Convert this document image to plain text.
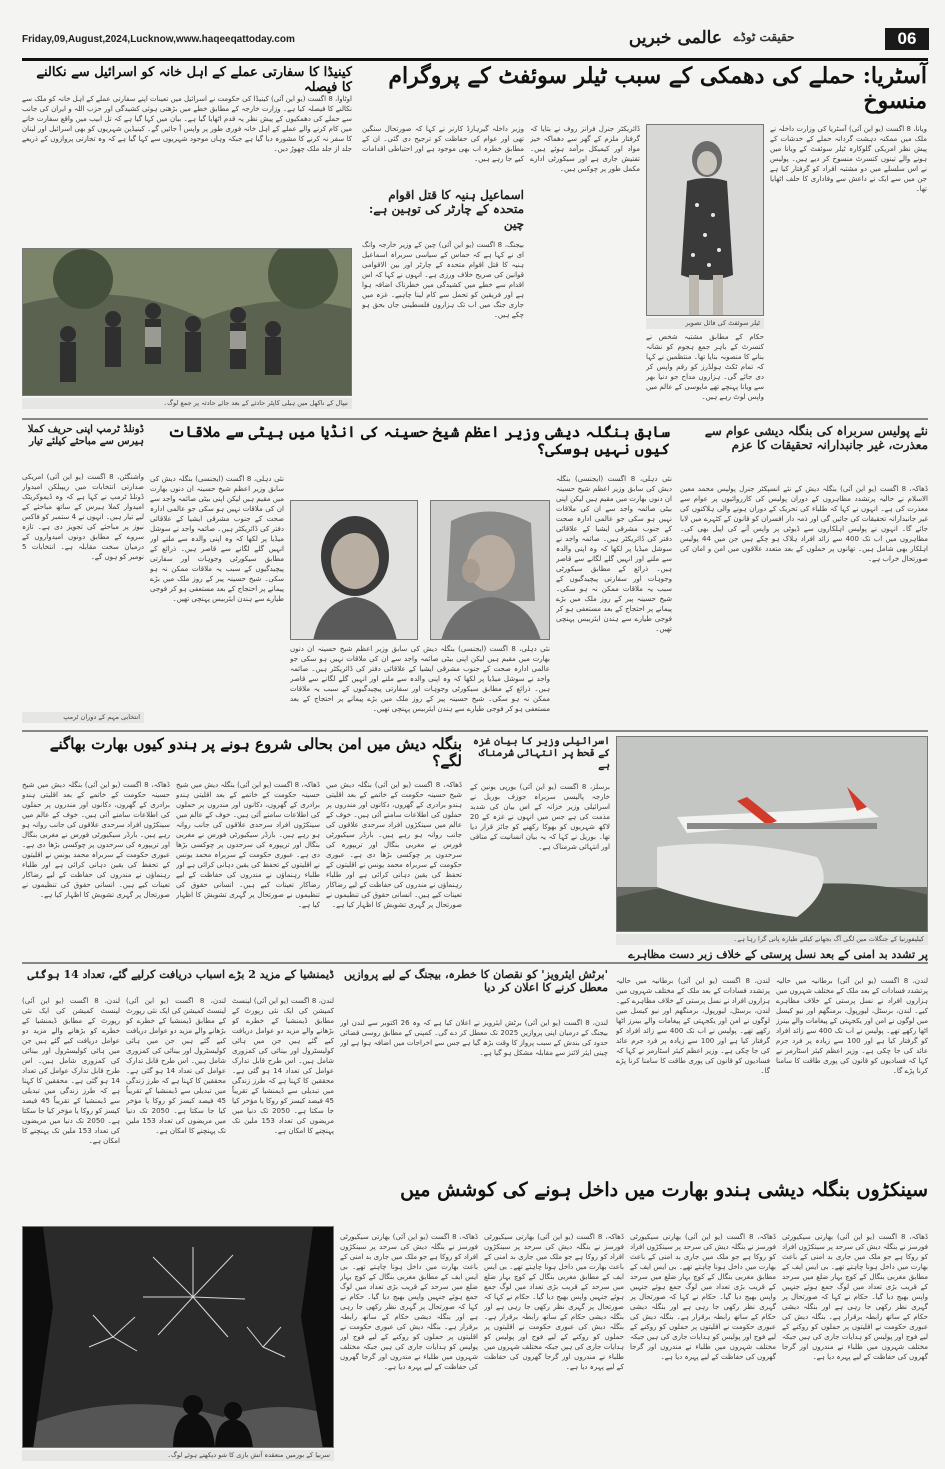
Friday,09,August,2024,Lucknow,www.haqeeqattoday.com	عالمی خبریں حقیقت ٹوڈے	06
کینیڈا کا سفارتی عملے کے اہل خانہ کو اسرائیل سے نکالنے کا فیصلہ
اوٹاوا، 8 اگست (یو این آئی) کینیڈا کی حکومت نے اسرائیل میں تعینات اپنے سفارتی عملے کے اہل خانہ کو ملک سے نکالنے کا فیصلہ کیا ہے۔ وزارت خارجہ کے مطابق خطے میں بڑھتی ہوئی کشیدگی اور حزب اللہ و ایران کی جانب سے حملے کی دھمکیوں کے پیش نظر یہ قدم اٹھایا گیا ہے۔ بیان میں کہا گیا ہے کہ تل ابیب میں واقع سفارت خانے میں کام کرنے والے عملے کے اہل خانہ فوری طور پر واپس آ جائیں گے۔ کینیڈین شہریوں کو بھی اسرائیل اور لبنان کا سفر نہ کرنے کا مشورہ دیا گیا ہے جبکہ وہاں موجود شہریوں سے کہا گیا ہے کہ وہ تجارتی پروازوں کے ذریعے جلد از جلد ملک چھوڑ دیں۔
نیپال کے ناکھل میں ہیلی کاپٹر حادثے کے بعد جائے حادثہ پر جمع لوگ۔
آسٹریا: حملے کی دھمکی کے سبب ٹیلر سوئفٹ کے پروگرام منسوخ
ویانا، 8 اگست (یو این آئی) آسٹریا کی وزارت داخلہ نے ملک میں ممکنہ دہشت گردانہ حملے کے خدشات کے پیش نظر امریکی گلوکارہ ٹیلر سوئفٹ کے ویانا میں ہونے والے تینوں کنسرٹ منسوخ کر دیے ہیں۔ پولیس نے اس سلسلے میں دو مشتبہ افراد کو گرفتار کیا ہے جن میں سے ایک نے داعش سے وفاداری کا حلف اٹھایا تھا۔
ٹیلر سوئفٹ کی فائل تصویر
حکام کے مطابق مشتبہ شخص نے کنسرٹ کے باہر جمع ہجوم کو نشانہ بنانے کا منصوبہ بنایا تھا۔ منتظمین نے کہا کہ تمام ٹکٹ ہولڈرز کو رقم واپس کر دی جائے گی۔ ہزاروں مداح جو دنیا بھر سے ویانا پہنچے تھے مایوسی کے عالم میں واپس لوٹ رہے ہیں۔
ڈائریکٹر جنرل فرانز روف نے بتایا کہ گرفتار ملزم کے گھر سے دھماکہ خیز مواد اور کیمیکل برآمد ہوئے ہیں۔ تفتیش جاری ہے اور سیکورٹی ادارے مکمل طور پر چوکس ہیں۔
وزیر داخلہ گیرہارڈ کارنر نے کہا کہ صورتحال سنگین تھی اور عوام کی حفاظت کو ترجیح دی گئی۔ ان کے مطابق خطرہ اب بھی موجود ہے اور احتیاطی اقدامات کیے جا رہے ہیں۔
اسماعیل ہنیہ کا قتل اقوام متحدہ کے چارٹر کی توہین ہے: چین
بیجنگ، 8 اگست (یو این آئی) چین کے وزیر خارجہ وانگ ای نے کہا ہے کہ حماس کے سیاسی سربراہ اسماعیل ہنیہ کا قتل اقوام متحدہ کے چارٹر اور بین الاقوامی قوانین کی صریح خلاف ورزی ہے۔ انہوں نے کہا کہ اس اقدام سے خطے میں کشیدگی میں خطرناک اضافہ ہوا ہے اور فریقین کو تحمل سے کام لینا چاہیے۔ غزہ میں جاری جنگ میں اب تک ہزاروں فلسطینی جاں بحق ہو چکے ہیں۔
سابق بنگلہ دیشی وزیر اعظم شیخ حسینہ کی انڈیا میں بیٹی سے ملاقات کیوں نہیں ہوسکی؟
نئی دہلی، 8 اگست (ایجنسی) بنگلہ دیش کی سابق وزیر اعظم شیخ حسینہ ان دنوں بھارت میں مقیم ہیں لیکن اپنی بیٹی صائمہ واجد سے ان کی ملاقات نہیں ہو سکی جو عالمی ادارہ صحت کے جنوب مشرقی ایشیا کے علاقائی دفتر کی ڈائریکٹر ہیں۔ صائمہ واجد نے سوشل میڈیا پر لکھا کہ وہ اپنی والدہ سے ملنے اور انہیں گلے لگانے سے قاصر ہیں۔ ذرائع کے مطابق سیکورٹی وجوہات اور سفارتی پیچیدگیوں کے سبب یہ ملاقات ممکن نہ ہو سکی۔ شیخ حسینہ پیر کے روز ملک میں بڑے پیمانے پر احتجاج کے بعد مستعفی ہو کر فوجی طیارے سے ہندن ایئربیس پہنچی تھیں۔
نئی دہلی، 8 اگست (ایجنسی) بنگلہ دیش کی سابق وزیر اعظم شیخ حسینہ ان دنوں بھارت میں مقیم ہیں لیکن اپنی بیٹی صائمہ واجد سے ان کی ملاقات نہیں ہو سکی جو عالمی ادارہ صحت کے جنوب مشرقی ایشیا کے علاقائی دفتر کی ڈائریکٹر ہیں۔ صائمہ واجد نے سوشل میڈیا پر لکھا کہ وہ اپنی والدہ سے ملنے اور انہیں گلے لگانے سے قاصر ہیں۔ ذرائع کے مطابق سیکورٹی وجوہات اور سفارتی پیچیدگیوں کے سبب یہ ملاقات ممکن نہ ہو سکی۔ شیخ حسینہ پیر کے روز ملک میں بڑے پیمانے پر احتجاج کے بعد مستعفی ہو کر فوجی طیارے سے ہندن ایئربیس پہنچی تھیں۔
نئی دہلی، 8 اگست (ایجنسی) بنگلہ دیش کی سابق وزیر اعظم شیخ حسینہ ان دنوں بھارت میں مقیم ہیں لیکن اپنی بیٹی صائمہ واجد سے ان کی ملاقات نہیں ہو سکی جو عالمی ادارہ صحت کے جنوب مشرقی ایشیا کے علاقائی دفتر کی ڈائریکٹر ہیں۔ صائمہ واجد نے سوشل میڈیا پر لکھا کہ وہ اپنی والدہ سے ملنے اور انہیں گلے لگانے سے قاصر ہیں۔ ذرائع کے مطابق سیکورٹی وجوہات اور سفارتی پیچیدگیوں کے سبب یہ ملاقات ممکن نہ ہو سکی۔ شیخ حسینہ پیر کے روز ملک میں بڑے پیمانے پر احتجاج کے بعد مستعفی ہو کر فوجی طیارے سے ہندن ایئربیس پہنچی تھیں۔
ڈونلڈ ٹرمپ اپنی حریف کملا ہیرس سے مباحثے کیلئے تیار
واشنگٹن، 8 اگست (یو این آئی) امریکی صدارتی انتخابات میں ریپبلکن امیدوار ڈونلڈ ٹرمپ نے کہا ہے کہ وہ ڈیموکریٹک امیدوار کملا ہیرس کے ساتھ مباحثے کے لیے تیار ہیں۔ انہوں نے 4 ستمبر کو فاکس نیوز پر مباحثے کی تجویز دی ہے۔ تازہ سروے کے مطابق دونوں امیدواروں کے درمیان سخت مقابلہ ہے۔ انتخابات 5 نومبر کو ہوں گے۔
انتخابی مہم کے دوران ٹرمپ
نئے پولیس سربراہ کی بنگلہ دیشی عوام سے معذرت، غیر جانبدارانہ تحقیقات کا عزم
ڈھاکہ، 8 اگست (یو این آئی) بنگلہ دیش کے نئے انسپکٹر جنرل پولیس محمد معین الاسلام نے حالیہ پرتشدد مظاہروں کے دوران پولیس کی کارروائیوں پر عوام سے معذرت کی ہے۔ انہوں نے کہا کہ طلباء کی تحریک کے دوران ہونے والی ہلاکتوں کی غیر جانبدارانہ تحقیقات کی جائیں گی اور ذمہ دار افسران کو قانون کے کٹہرے میں لایا جائے گا۔ انہوں نے پولیس اہلکاروں سے ڈیوٹی پر واپس آنے کی اپیل بھی کی۔ مظاہروں میں اب تک 400 سے زائد افراد ہلاک ہو چکے ہیں جن میں 44 پولیس اہلکار بھی شامل ہیں۔ تھانوں پر حملوں کے بعد متعدد علاقوں میں امن و امان کی صورتحال خراب ہے۔
بنگلہ دیش میں امن بحالی شروع ہونے پر ہندو کیوں بھارت بھاگنے لگے؟
ڈھاکہ، 8 اگست (یو این آئی) بنگلہ دیش میں شیخ حسینہ حکومت کے خاتمے کے بعد اقلیتی ہندو برادری کے گھروں، دکانوں اور مندروں پر حملوں کی اطلاعات سامنے آئی ہیں۔ خوف کے عالم میں سینکڑوں افراد سرحدی علاقوں کی جانب روانہ ہو رہے ہیں۔ بارڈر سیکیورٹی فورس نے مغربی بنگال اور تریپورہ کی سرحدوں پر چوکسی بڑھا دی ہے۔ عبوری حکومت کے سربراہ محمد یونس نے اقلیتوں کے تحفظ کی یقین دہانی کرائی ہے اور طلباء رہنماؤں نے مندروں کی حفاظت کے لیے رضاکار تعینات کیے ہیں۔ انسانی حقوق کی تنظیموں نے صورتحال پر گہری تشویش کا اظہار کیا ہے۔
ڈھاکہ، 8 اگست (یو این آئی) بنگلہ دیش میں شیخ حسینہ حکومت کے خاتمے کے بعد اقلیتی ہندو برادری کے گھروں، دکانوں اور مندروں پر حملوں کی اطلاعات سامنے آئی ہیں۔ خوف کے عالم میں سینکڑوں افراد سرحدی علاقوں کی جانب روانہ ہو رہے ہیں۔ بارڈر سیکیورٹی فورس نے مغربی بنگال اور تریپورہ کی سرحدوں پر چوکسی بڑھا دی ہے۔ عبوری حکومت کے سربراہ محمد یونس نے اقلیتوں کے تحفظ کی یقین دہانی کرائی ہے اور طلباء رہنماؤں نے مندروں کی حفاظت کے لیے رضاکار تعینات کیے ہیں۔ انسانی حقوق کی تنظیموں نے صورتحال پر گہری تشویش کا اظہار کیا ہے۔
ڈھاکہ، 8 اگست (یو این آئی) بنگلہ دیش میں شیخ حسینہ حکومت کے خاتمے کے بعد اقلیتی ہندو برادری کے گھروں، دکانوں اور مندروں پر حملوں کی اطلاعات سامنے آئی ہیں۔ خوف کے عالم میں سینکڑوں افراد سرحدی علاقوں کی جانب روانہ ہو رہے ہیں۔ بارڈر سیکیورٹی فورس نے مغربی بنگال اور تریپورہ کی سرحدوں پر چوکسی بڑھا دی ہے۔ عبوری حکومت کے سربراہ محمد یونس نے اقلیتوں کے تحفظ کی یقین دہانی کرائی ہے اور طلباء رہنماؤں نے مندروں کی حفاظت کے لیے رضاکار تعینات کیے ہیں۔ انسانی حقوق کی تنظیموں نے صورتحال پر گہری تشویش کا اظہار کیا ہے۔
اسرائیلی وزیر کا بیان غزہ کے قحط پر انتہائی شرمناک ہے
برسلز، 8 اگست (یو این آئی) یورپی یونین کے خارجہ پالیسی سربراہ جوزف بوریل نے اسرائیلی وزیر خزانہ کے اس بیان کی شدید مذمت کی ہے جس میں انہوں نے غزہ کے 20 لاکھ شہریوں کو بھوکا رکھنے کو جائز قرار دیا تھا۔ بوریل نے کہا کہ یہ بیان انسانیت کے منافی اور انتہائی شرمناک ہے۔
کیلیفورنیا کے جنگلات میں لگی آگ بجھانے کیلئے طیارہ پانی گرا رہا ہے۔
پر تشدد بد امنی کے بعد نسل پرستی کے خلاف زبر دست مظاہرے
لندن، 8 اگست (یو این آئی) برطانیہ میں حالیہ پرتشدد فسادات کے بعد ملک کے مختلف شہروں میں ہزاروں افراد نے نسل پرستی کے خلاف مظاہرے کیے۔ لندن، برسٹل، لیورپول، برمنگھم اور نیو کیسل میں لوگوں نے امن اور یکجہتی کے پیغامات والے بینرز اٹھا رکھے تھے۔ پولیس نے اب تک 400 سے زائد افراد کو گرفتار کیا ہے اور 100 سے زیادہ پر فرد جرم عائد کی جا چکی ہے۔ وزیر اعظم کیئر اسٹارمر نے کہا کہ فسادیوں کو قانون کی پوری طاقت کا سامنا کرنا پڑے گا۔
لندن، 8 اگست (یو این آئی) برطانیہ میں حالیہ پرتشدد فسادات کے بعد ملک کے مختلف شہروں میں ہزاروں افراد نے نسل پرستی کے خلاف مظاہرے کیے۔ لندن، برسٹل، لیورپول، برمنگھم اور نیو کیسل میں لوگوں نے امن اور یکجہتی کے پیغامات والے بینرز اٹھا رکھے تھے۔ پولیس نے اب تک 400 سے زائد افراد کو گرفتار کیا ہے اور 100 سے زیادہ پر فرد جرم عائد کی جا چکی ہے۔ وزیر اعظم کیئر اسٹارمر نے کہا کہ فسادیوں کو قانون کی پوری طاقت کا سامنا کرنا پڑے گا۔
'برٹش ایئرویز' کو نقصان کا خطرہ، بیجنگ کے لیے پروازیں معطل کرنے کا اعلان کر دیا
لندن، 8 اگست (یو این آئی) برٹش ایئرویز نے اعلان کیا ہے کہ وہ 26 اکتوبر سے لندن اور بیجنگ کے درمیان اپنی پروازیں 2025 تک معطل کر دے گی۔ کمپنی کے مطابق روسی فضائی حدود کی بندش کے سبب پرواز کا وقت بڑھ گیا ہے جس سے اخراجات میں اضافہ ہوا ہے اور چینی ایئر لائنز سے مقابلہ مشکل ہو گیا ہے۔
ڈیمنشیا کے مزید 2 بڑے اسباب دریافت کرلیے گئے، تعداد 14 ہوگئی
لندن، 8 اگست (یو این آئی) لینسٹ کمیشن کی ایک نئی رپورٹ کے مطابق ڈیمنشیا کے خطرے کو بڑھانے والے مزید دو عوامل دریافت کیے گئے ہیں جن میں ہائی کولیسٹرول اور بینائی کی کمزوری شامل ہیں۔ اس طرح قابل تدارک عوامل کی تعداد 14 ہو گئی ہے۔ محققین کا کہنا ہے کہ طرز زندگی میں تبدیلی سے ڈیمنشیا کے تقریباً 45 فیصد کیسز کو روکا یا مؤخر کیا جا سکتا ہے۔ 2050 تک دنیا میں مریضوں کی تعداد 153 ملین تک پہنچنے کا امکان ہے۔
لندن، 8 اگست (یو این آئی) لینسٹ کمیشن کی ایک نئی رپورٹ کے مطابق ڈیمنشیا کے خطرے کو بڑھانے والے مزید دو عوامل دریافت کیے گئے ہیں جن میں ہائی کولیسٹرول اور بینائی کی کمزوری شامل ہیں۔ اس طرح قابل تدارک عوامل کی تعداد 14 ہو گئی ہے۔ محققین کا کہنا ہے کہ طرز زندگی میں تبدیلی سے ڈیمنشیا کے تقریباً 45 فیصد کیسز کو روکا یا مؤخر کیا جا سکتا ہے۔ 2050 تک دنیا میں مریضوں کی تعداد 153 ملین تک پہنچنے کا امکان ہے۔
لندن، 8 اگست (یو این آئی) لینسٹ کمیشن کی ایک نئی رپورٹ کے مطابق ڈیمنشیا کے خطرے کو بڑھانے والے مزید دو عوامل دریافت کیے گئے ہیں جن میں ہائی کولیسٹرول اور بینائی کی کمزوری شامل ہیں۔ اس طرح قابل تدارک عوامل کی تعداد 14 ہو گئی ہے۔ محققین کا کہنا ہے کہ طرز زندگی میں تبدیلی سے ڈیمنشیا کے تقریباً 45 فیصد کیسز کو روکا یا مؤخر کیا جا سکتا ہے۔ 2050 تک دنیا میں مریضوں کی تعداد 153 ملین تک پہنچنے کا امکان ہے۔
سینکڑوں بنگلہ دیشی ہندو بھارت میں داخل ہونے کی کوشش میں
ڈھاکہ، 8 اگست (یو این آئی) بھارتی سیکیورٹی فورسز نے بنگلہ دیش کی سرحد پر سینکڑوں افراد کو روکا ہے جو ملک میں جاری بد امنی کے باعث بھارت میں داخل ہونا چاہتے تھے۔ بی ایس ایف کے مطابق مغربی بنگال کے کوچ بہار ضلع میں سرحد کے قریب بڑی تعداد میں لوگ جمع ہوئے جنہیں واپس بھیج دیا گیا۔ حکام نے کہا کہ صورتحال پر گہری نظر رکھی جا رہی ہے اور بنگلہ دیشی حکام کے ساتھ رابطہ برقرار ہے۔ بنگلہ دیش کی عبوری حکومت نے اقلیتوں پر حملوں کو روکنے کے لیے فوج اور پولیس کو ہدایات جاری کی ہیں جبکہ مختلف شہروں میں طلباء نے مندروں اور گرجا گھروں کی حفاظت کے لیے پہرہ دیا ہے۔
ڈھاکہ، 8 اگست (یو این آئی) بھارتی سیکیورٹی فورسز نے بنگلہ دیش کی سرحد پر سینکڑوں افراد کو روکا ہے جو ملک میں جاری بد امنی کے باعث بھارت میں داخل ہونا چاہتے تھے۔ بی ایس ایف کے مطابق مغربی بنگال کے کوچ بہار ضلع میں سرحد کے قریب بڑی تعداد میں لوگ جمع ہوئے جنہیں واپس بھیج دیا گیا۔ حکام نے کہا کہ صورتحال پر گہری نظر رکھی جا رہی ہے اور بنگلہ دیشی حکام کے ساتھ رابطہ برقرار ہے۔ بنگلہ دیش کی عبوری حکومت نے اقلیتوں پر حملوں کو روکنے کے لیے فوج اور پولیس کو ہدایات جاری کی ہیں جبکہ مختلف شہروں میں طلباء نے مندروں اور گرجا گھروں کی حفاظت کے لیے پہرہ دیا ہے۔
ڈھاکہ، 8 اگست (یو این آئی) بھارتی سیکیورٹی فورسز نے بنگلہ دیش کی سرحد پر سینکڑوں افراد کو روکا ہے جو ملک میں جاری بد امنی کے باعث بھارت میں داخل ہونا چاہتے تھے۔ بی ایس ایف کے مطابق مغربی بنگال کے کوچ بہار ضلع میں سرحد کے قریب بڑی تعداد میں لوگ جمع ہوئے جنہیں واپس بھیج دیا گیا۔ حکام نے کہا کہ صورتحال پر گہری نظر رکھی جا رہی ہے اور بنگلہ دیشی حکام کے ساتھ رابطہ برقرار ہے۔ بنگلہ دیش کی عبوری حکومت نے اقلیتوں پر حملوں کو روکنے کے لیے فوج اور پولیس کو ہدایات جاری کی ہیں جبکہ مختلف شہروں میں طلباء نے مندروں اور گرجا گھروں کی حفاظت کے لیے پہرہ دیا ہے۔
ڈھاکہ، 8 اگست (یو این آئی) بھارتی سیکیورٹی فورسز نے بنگلہ دیش کی سرحد پر سینکڑوں افراد کو روکا ہے جو ملک میں جاری بد امنی کے باعث بھارت میں داخل ہونا چاہتے تھے۔ بی ایس ایف کے مطابق مغربی بنگال کے کوچ بہار ضلع میں سرحد کے قریب بڑی تعداد میں لوگ جمع ہوئے جنہیں واپس بھیج دیا گیا۔ حکام نے کہا کہ صورتحال پر گہری نظر رکھی جا رہی ہے اور بنگلہ دیشی حکام کے ساتھ رابطہ برقرار ہے۔ بنگلہ دیش کی عبوری حکومت نے اقلیتوں پر حملوں کو روکنے کے لیے فوج اور پولیس کو ہدایات جاری کی ہیں جبکہ مختلف شہروں میں طلباء نے مندروں اور گرجا گھروں کی حفاظت کے لیے پہرہ دیا ہے۔
سربیا کے بورمیں منعقدہ آتش بازی کا شو دیکھتے ہوئے لوگ۔
